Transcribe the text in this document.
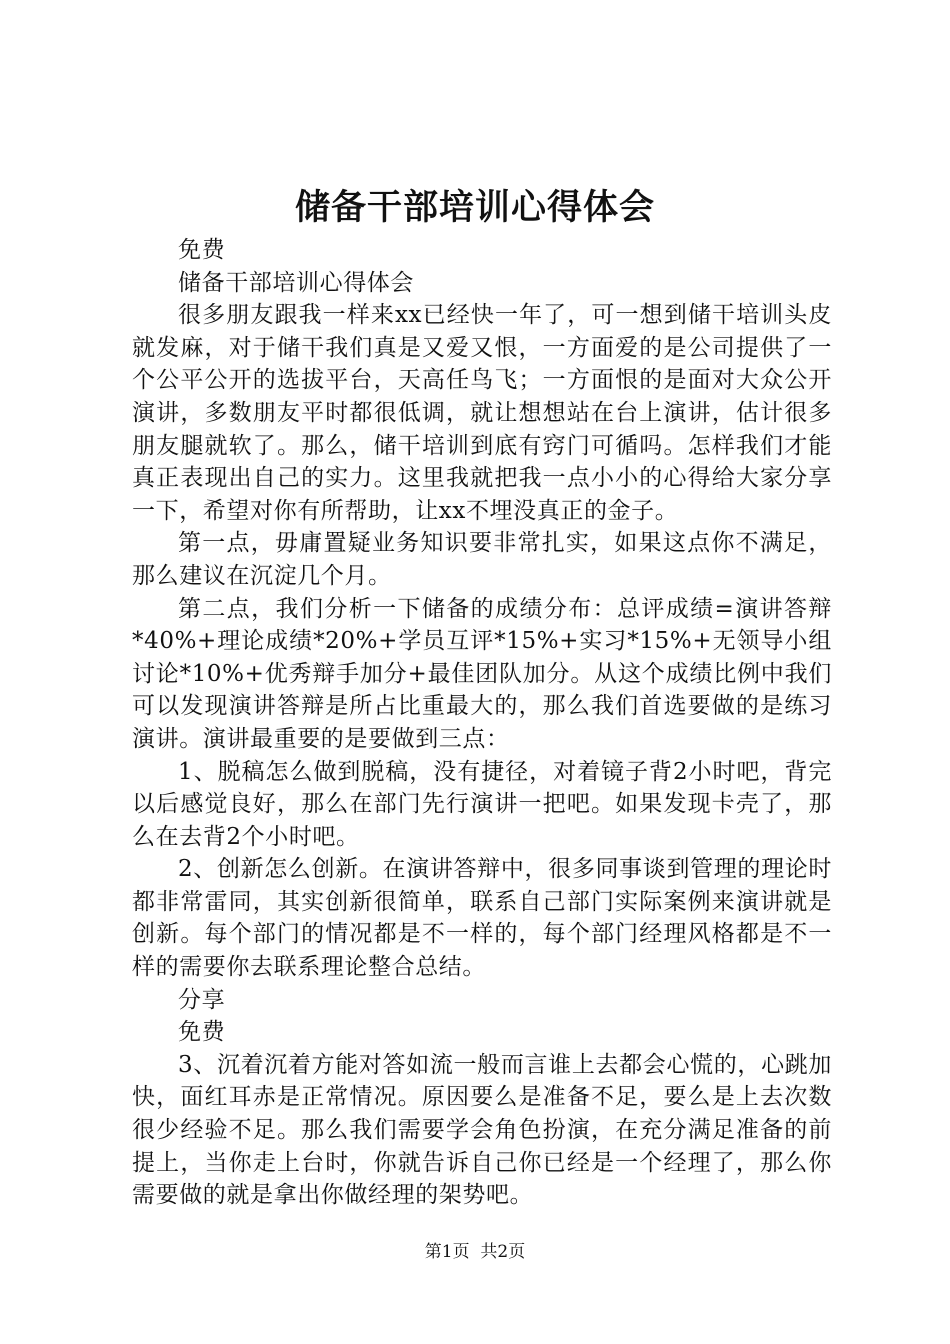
储备干部培训心得体会

免费

储备干部培训心得体会

很多朋友跟我一样来xx已经快一年了，可一想到储干培训头皮就发麻，对于储干我们真是又爱又恨，一方面爱的是公司提供了一个公平公开的选拔平台，天高任鸟飞；一方面恨的是面对大众公开演讲，多数朋友平时都很低调，就让想想站在台上演讲，估计很多朋友腿就软了。那么，储干培训到底有窍门可循吗。怎样我们才能真正表现出自己的实力。这里我就把我一点小小的心得给大家分享一下，希望对你有所帮助，让xx不埋没真正的金子。

第一点，毋庸置疑业务知识要非常扎实，如果这点你不满足，那么建议在沉淀几个月。

第二点，我们分析一下储备的成绩分布：总评成绩=演讲答辩*40%+理论成绩*20%+学员互评*15%+实习*15%+无领导小组讨论*10%+优秀辩手加分+最佳团队加分。从这个成绩比例中我们可以发现演讲答辩是所占比重最大的，那么我们首选要做的是练习演讲。演讲最重要的是要做到三点：

1、脱稿怎么做到脱稿，没有捷径，对着镜子背2小时吧，背完以后感觉良好，那么在部门先行演讲一把吧。如果发现卡壳了，那么在去背2个小时吧。

2、创新怎么创新。在演讲答辩中，很多同事谈到管理的理论时都非常雷同，其实创新很简单，联系自己部门实际案例来演讲就是创新。每个部门的情况都是不一样的，每个部门经理风格都是不一样的需要你去联系理论整合总结。

分享

免费

3、沉着沉着方能对答如流一般而言谁上去都会心慌的，心跳加快，面红耳赤是正常情况。原因要么是准备不足，要么是上去次数很少经验不足。那么我们需要学会角色扮演，在充分满足准备的前提上，当你走上台时，你就告诉自己你已经是一个经理了，那么你需要做的就是拿出你做经理的架势吧。

第1页  共2页
